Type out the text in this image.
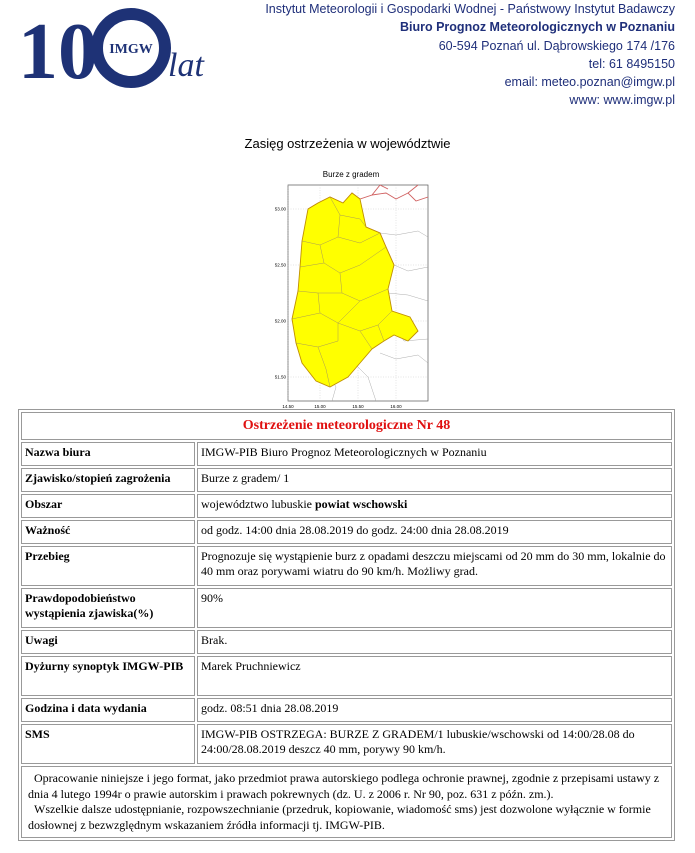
10 IMGW lat
Instytut Meteorologii i Gospodarki Wodnej - Państwowy Instytut Badawczy
Biuro Prognoz Meteorologicznych w Poznaniu
60-594 Poznań ul. Dąbrowskiego 174 /176
tel: 61 8495150
email: meteo.poznan@imgw.pl
www: www.imgw.pl
Zasięg ostrzeżenia w województwie
Burze z gradem
53.00
52.50
52.00
51.50
14.50	15.00	15.50	16.00
Ostrzeżenie meteorologiczne Nr 48	
Nazwa biura	IMGW-PIB Biuro Prognoz Meteorologicznych w Poznaniu
Zjawisko/stopień zagrożenia	Burze z gradem/ 1
Obszar	województwo lubuskie powiat wschowski
Ważność	od godz. 14:00 dnia 28.08.2019 do godz. 24:00 dnia 28.08.2019
Przebieg	Prognozuje się wystąpienie burz z opadami deszczu miejscami od 20 mm do 30 mm, lokalnie do 40 mm oraz porywami wiatru do 90 km/h. Możliwy grad.
Prawdopodobieństwo wystąpienia zjawiska(%)	90%
Uwagi	Brak.
Dyżurny synoptyk IMGW-PIB	Marek Pruchniewicz
Godzina i data wydania	godz. 08:51 dnia 28.08.2019
SMS	IMGW-PIB OSTRZEGA: BURZE Z GRADEM/1 lubuskie/wschowski od 14:00/28.08 do 24:00/28.08.2019 deszcz 40 mm, porywy 90 km/h.

Opracowanie niniejsze i jego format, jako przedmiot prawa autorskiego podlega ochronie prawnej, zgodnie z przepisami ustawy z dnia 4 lutego 1994r o prawie autorskim i prawach pokrewnych (dz. U. z 2006 r. Nr 90, poz. 631 z późn. zm.).
Wszelkie dalsze udostępnianie, rozpowszechnianie (przedruk, kopiowanie, wiadomość sms) jest dozwolone wyłącznie w formie dosłownej z bezwzględnym wskazaniem źródła informacji tj. IMGW-PIB.	
